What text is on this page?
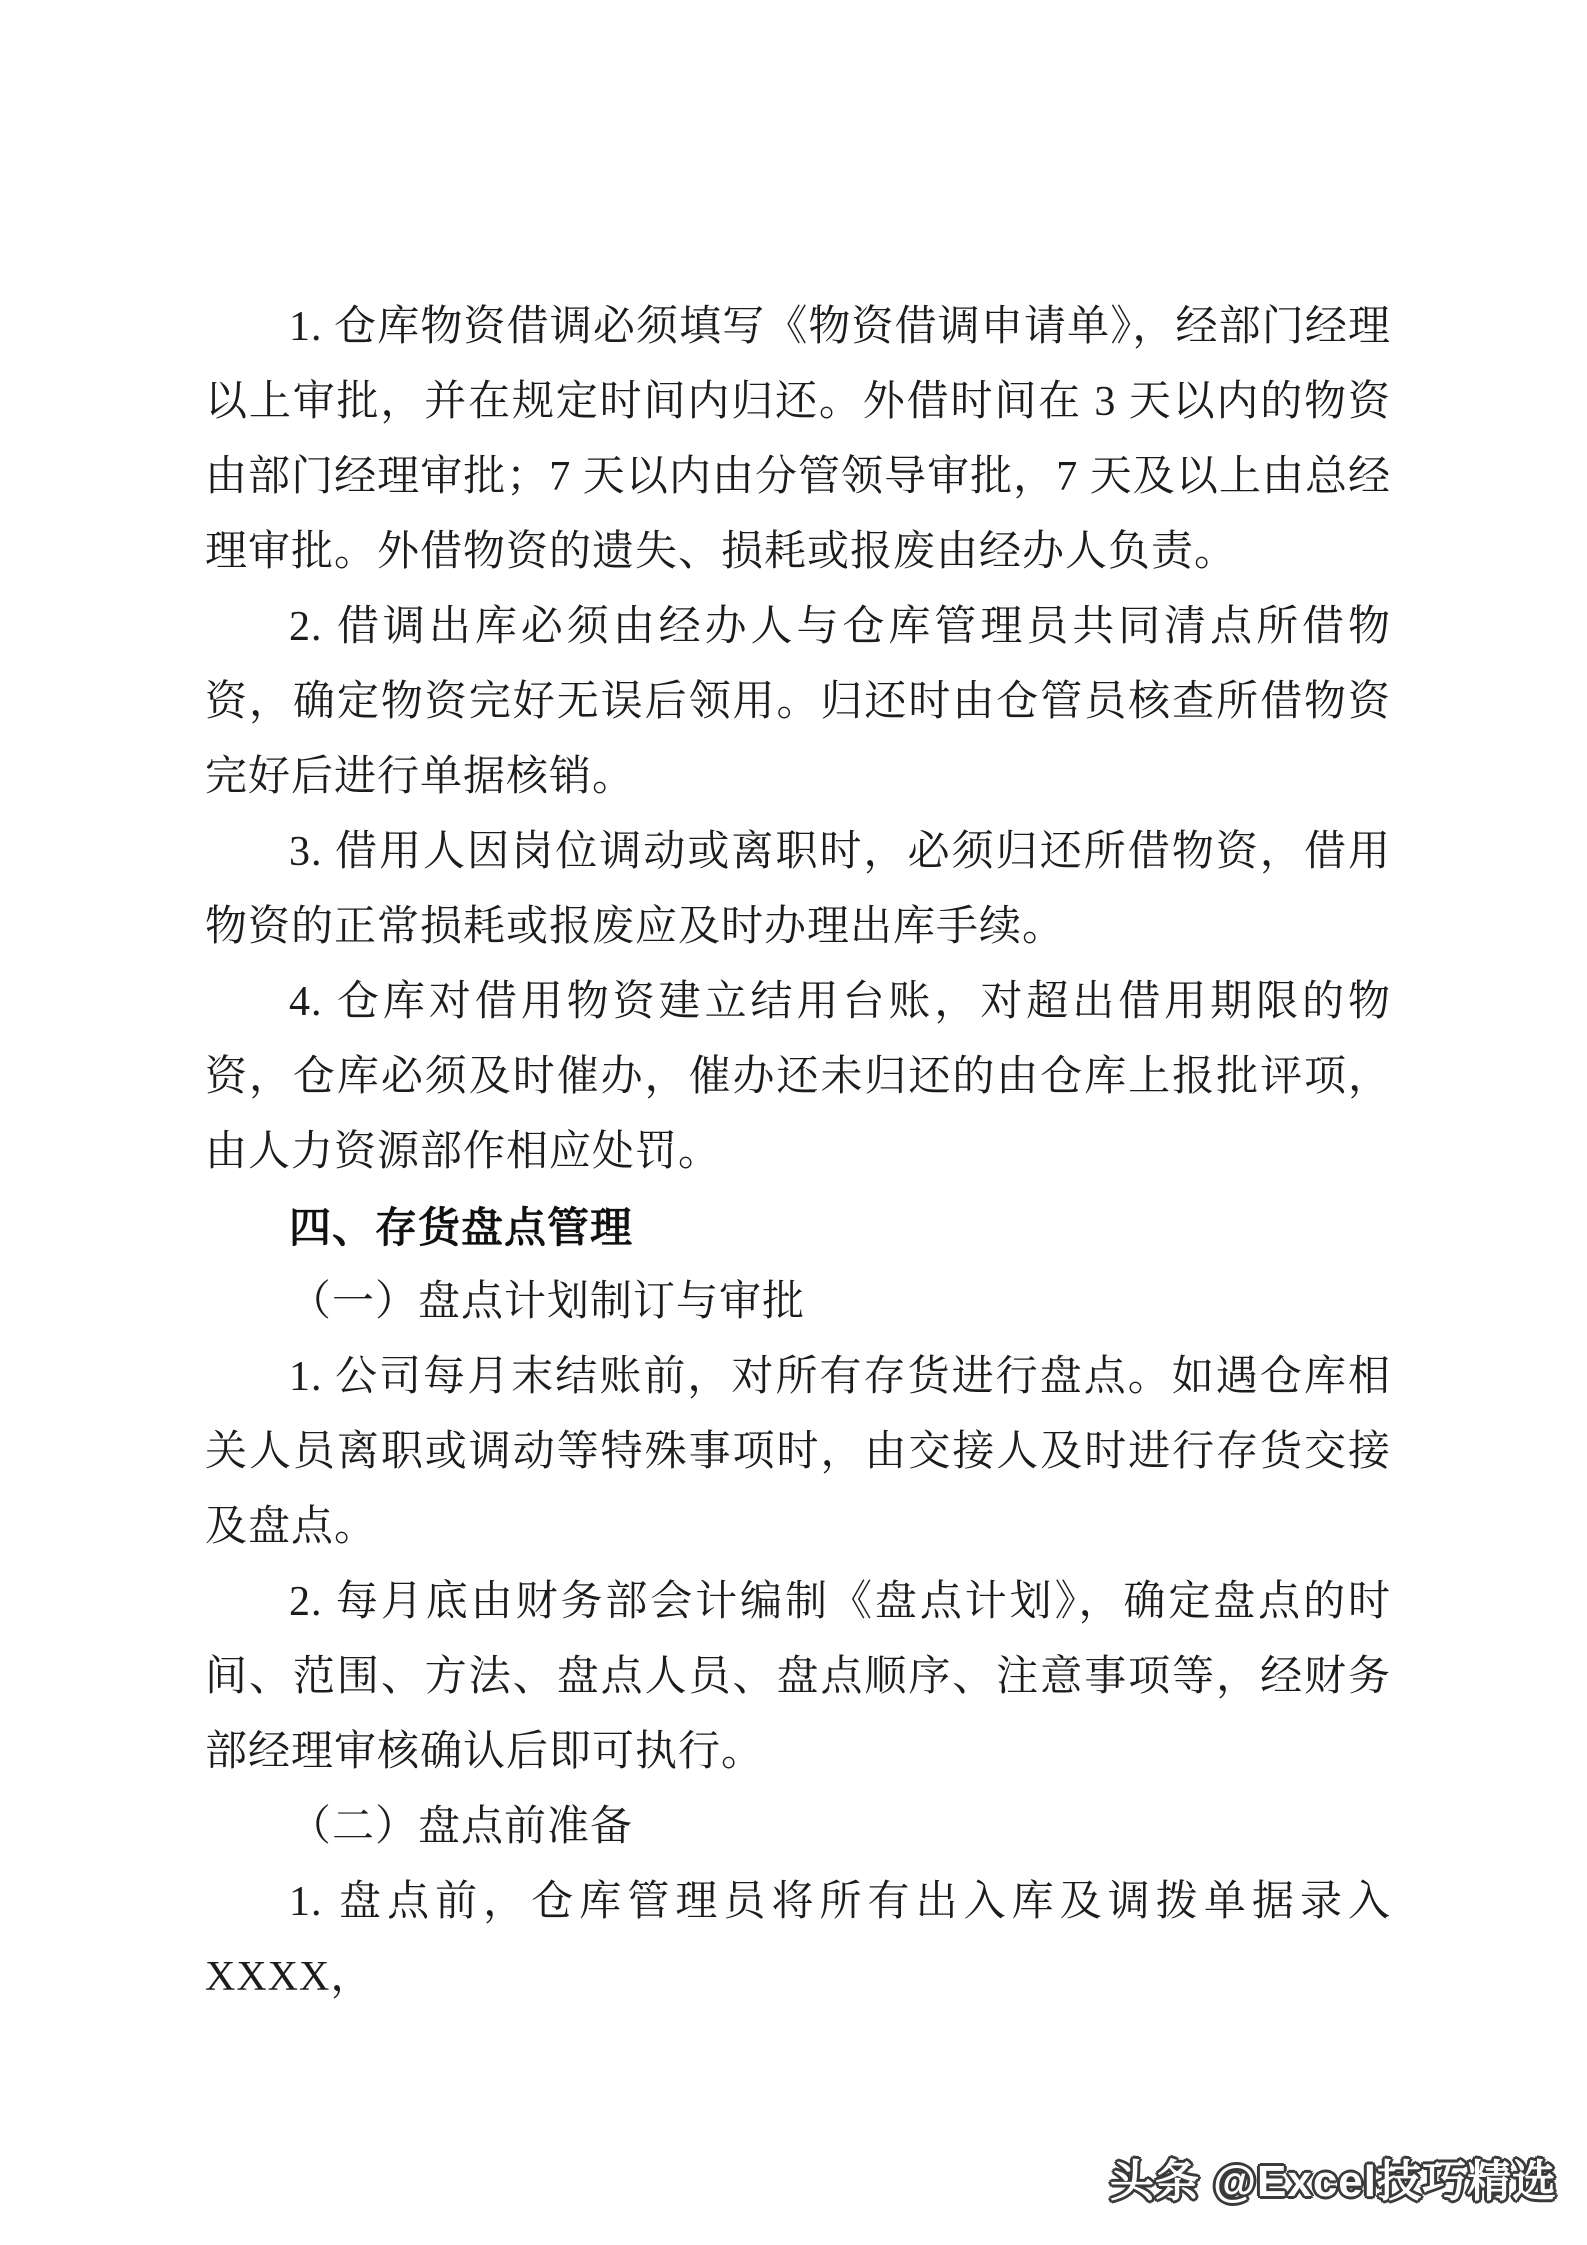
1. 仓库物资借调必须填写《物资借调申请单》，经部门经理以上审批，并在规定时间内归还。外借时间在 3 天以内的物资由部门经理审批；7 天以内由分管领导审批，7 天及以上由总经理审批。外借物资的遗失、损耗或报废由经办人负责。

2. 借调出库必须由经办人与仓库管理员共同清点所借物资，确定物资完好无误后领用。归还时由仓管员核查所借物资完好后进行单据核销。

3. 借用人因岗位调动或离职时，必须归还所借物资，借用物资的正常损耗或报废应及时办理出库手续。

4. 仓库对借用物资建立结用台账，对超出借用期限的物资，仓库必须及时催办，催办还未归还的由仓库上报批评项，由人力资源部作相应处罚。

四、存货盘点管理

（一）盘点计划制订与审批

1. 公司每月末结账前，对所有存货进行盘点。如遇仓库相关人员离职或调动等特殊事项时，由交接人及时进行存货交接及盘点。

2. 每月底由财务部会计编制《盘点计划》，确定盘点的时间、范围、方法、盘点人员、盘点顺序、注意事项等，经财务部经理审核确认后即可执行。

（二）盘点前准备

1. 盘点前，仓库管理员将所有出入库及调拨单据录入 XXXX，

头条 @Excel技巧精选
